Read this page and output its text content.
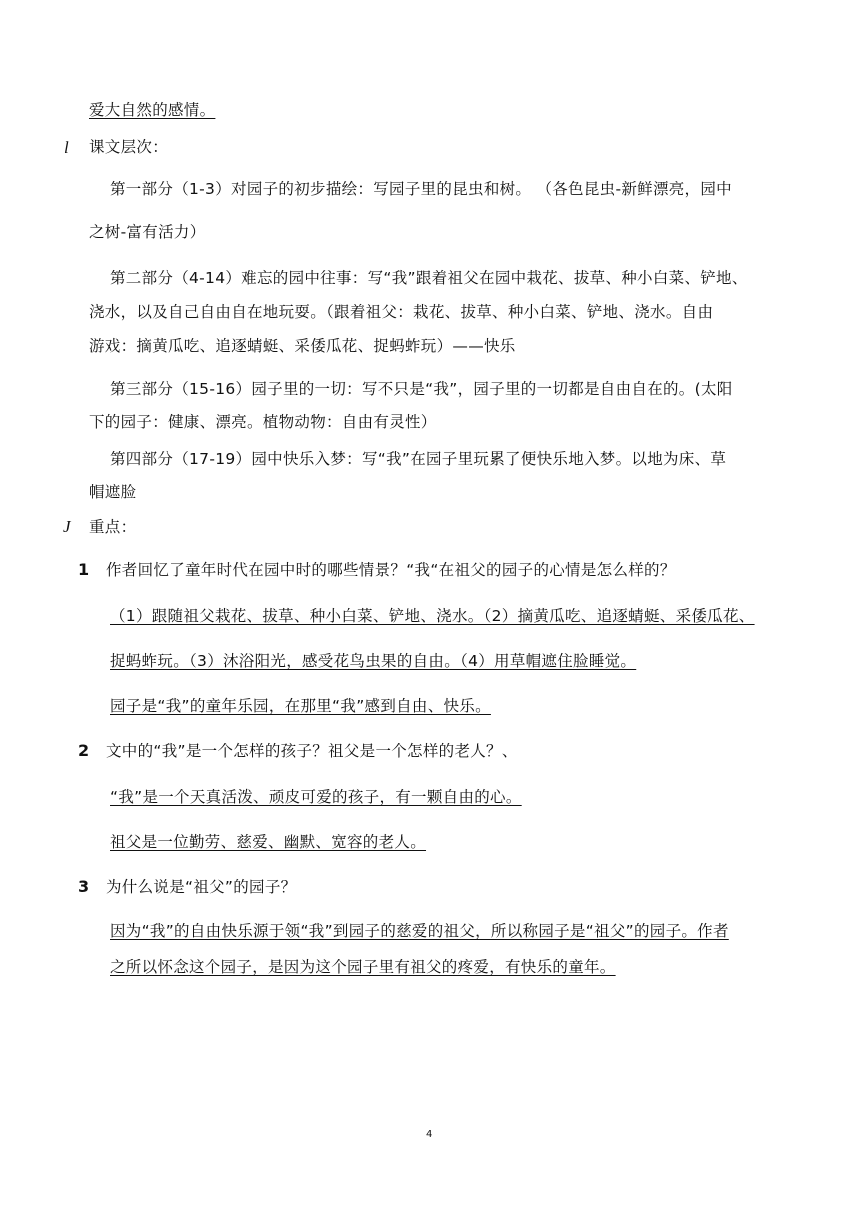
爱大自然的感情。
l 课文层次：
第一部分（1-3）对园子的初步描绘：写园子里的昆虫和树。 （各色昆虫-新鲜漂亮，园中
之树-富有活力）
第二部分（4-14）难忘的园中往事：写“我”跟着祖父在园中栽花、拔草、种小白菜、铲地、
浇水，以及自己自由自在地玩耍。（跟着祖父：栽花、拔草、种小白菜、铲地、浇水。自由
游戏：摘黄瓜吃、追逐蜻蜓、采倭瓜花、捉蚂蚱玩）——快乐
第三部分（15-16）园子里的一切：写不只是“我”，园子里的一切都是自由自在的。(太阳
下的园子：健康、漂亮。植物动物：自由有灵性）
第四部分（17-19）园中快乐入梦：写“我”在园子里玩累了便快乐地入梦。以地为床、草
帽遮脸
J 重点：
1 作者回忆了童年时代在园中时的哪些情景？“我“在祖父的园子的心情是怎么样的？
（1）跟随祖父栽花、拔草、种小白菜、铲地、浇水。（2）摘黄瓜吃、追逐蜻蜓、采倭瓜花、
捉蚂蚱玩。（3）沐浴阳光，感受花鸟虫果的自由。（4）用草帽遮住脸睡觉。
园子是“我”的童年乐园，在那里“我”感到自由、快乐。
2 文中的“我”是一个怎样的孩子？祖父是一个怎样的老人？、
“我”是一个天真活泼、顽皮可爱的孩子，有一颗自由的心。
祖父是一位勤劳、慈爱、幽默、宽容的老人。
3 为什么说是“祖父”的园子？
因为“我”的自由快乐源于领“我”到园子的慈爱的祖父，所以称园子是“祖父”的园子。作者
之所以怀念这个园子，是因为这个园子里有祖父的疼爱，有快乐的童年。
4
